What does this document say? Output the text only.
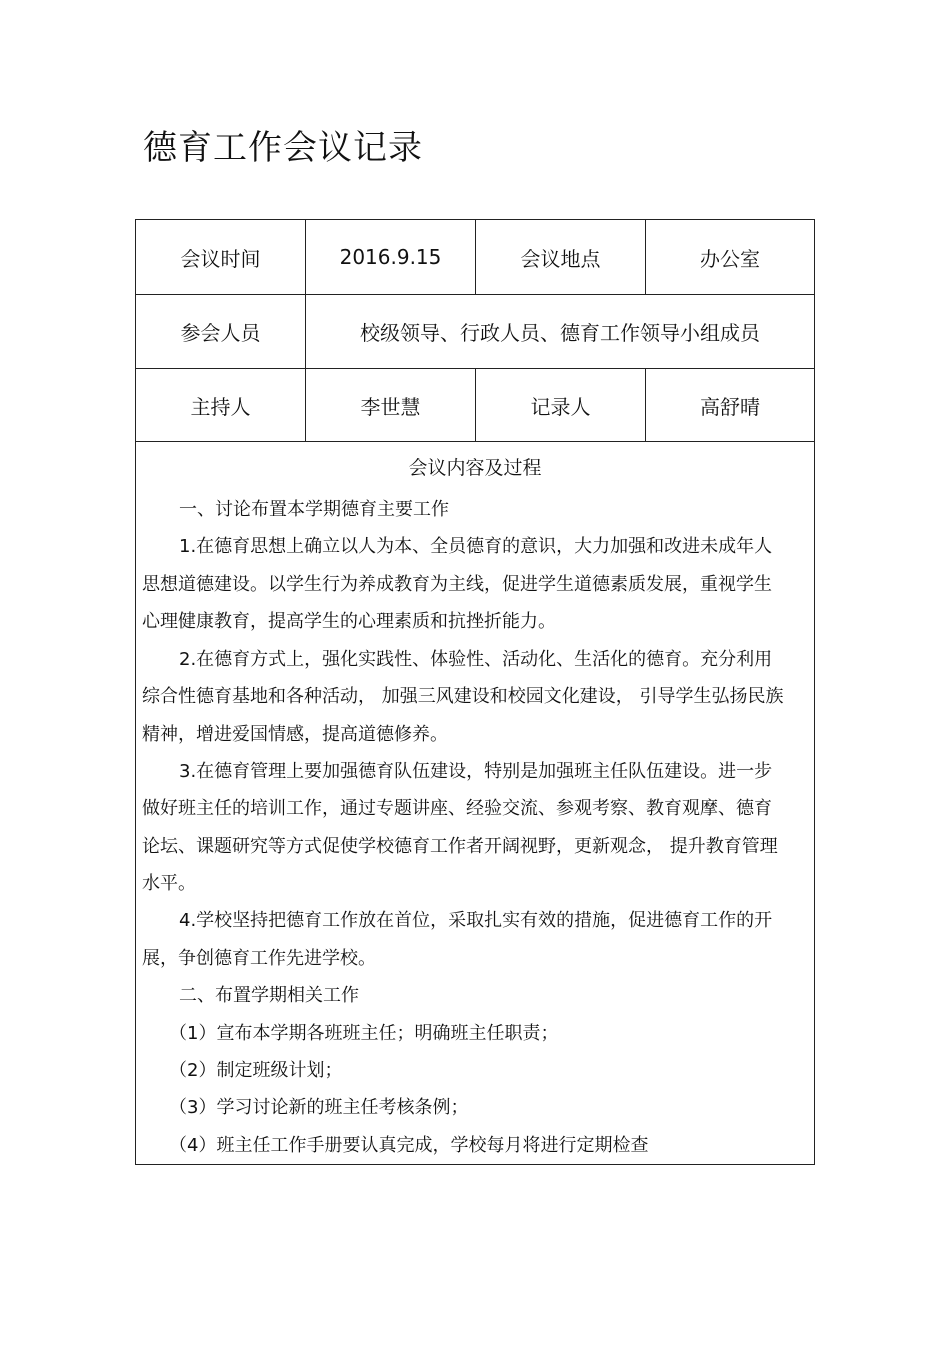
德育工作会议记录
会议时间	2016.9.15	会议地点	办公室
参会人员	校级领导、行政人员、德育工作领导小组成员
主持人	李世慧	记录人	高舒晴
会议内容及过程
一、讨论布置本学期德育主要工作
1.在德育思想上确立以人为本、全员德育的意识，大力加强和改进未成年人
思想道德建设。以学生行为养成教育为主线，促进学生道德素质发展，重视学生
心理健康教育，提高学生的心理素质和抗挫折能力。
2.在德育方式上，强化实践性、体验性、活动化、生活化的德育。充分利用
综合性德育基地和各种活动， 加强三风建设和校园文化建设， 引导学生弘扬民族
精神，增进爱国情感，提高道德修养。
3.在德育管理上要加强德育队伍建设，特别是加强班主任队伍建设。进一步
做好班主任的培训工作，通过专题讲座、经验交流、参观考察、教育观摩、德育
论坛、课题研究等方式促使学校德育工作者开阔视野，更新观念， 提升教育管理
水平。
4.学校坚持把德育工作放在首位，采取扎实有效的措施，促进德育工作的开
展，争创德育工作先进学校。
二、布置学期相关工作
（1）宣布本学期各班班主任；明确班主任职责；
（2）制定班级计划；
（3）学习讨论新的班主任考核条例；
（4）班主任工作手册要认真完成，学校每月将进行定期检查
